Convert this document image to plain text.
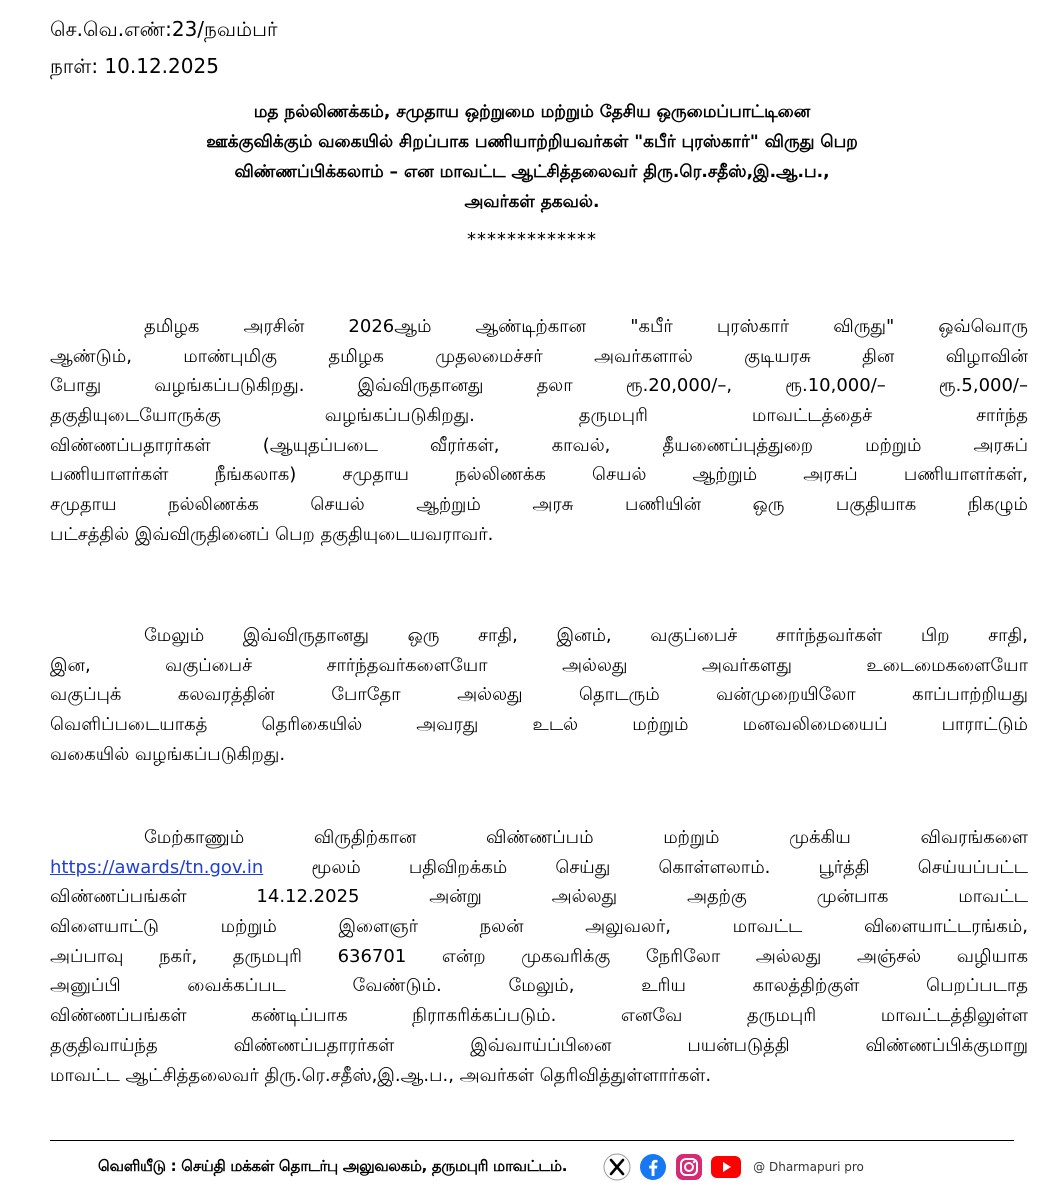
செ.வெ.எண்:23/நவம்பர்
நாள்: 10.12.2025
மத நல்லிணக்கம், சமுதாய ஒற்றுமை மற்றும் தேசிய ஒருமைப்பாட்டினை
ஊக்குவிக்கும் வகையில் சிறப்பாக பணியாற்றியவர்கள் "கபீர் புரஸ்கார்" விருது பெற
விண்ணப்பிக்கலாம் – என மாவட்ட ஆட்சித்தலைவர் திரு.ரெ.சதீஸ்,இ.ஆ.ப.,
அவர்கள் தகவல்.
*************
தமிழக அரசின் 2026ஆம் ஆண்டிற்கான "கபீர் புரஸ்கார் விருது" ஒவ்வொரு
ஆண்டும், மாண்புமிகு தமிழக முதலமைச்சர் அவர்களால் குடியரசு தின விழாவின்
போது வழங்கப்படுகிறது. இவ்விருதானது தலா ரூ.20,000/–, ரூ.10,000/– ரூ.5,000/–
தகுதியுடையோருக்கு வழங்கப்படுகிறது. தருமபுரி மாவட்டத்தைச் சார்ந்த
விண்ணப்பதாரர்கள் (ஆயுதப்படை வீரர்கள், காவல், தீயணைப்புத்துறை மற்றும் அரசுப்
பணியாளர்கள் நீங்கலாக) சமுதாய நல்லிணக்க செயல் ஆற்றும் அரசுப் பணியாளர்கள்,
சமுதாய நல்லிணக்க செயல் ஆற்றும் அரசு பணியின் ஒரு பகுதியாக நிகழும்
பட்சத்தில் இவ்விருதினைப் பெற தகுதியுடையவராவர்.
மேலும் இவ்விருதானது ஒரு சாதி, இனம், வகுப்பைச் சார்ந்தவர்கள் பிற சாதி,
இன, வகுப்பைச் சார்ந்தவர்களையோ அல்லது அவர்களது உடைமைகளையோ
வகுப்புக் கலவரத்தின் போதோ அல்லது தொடரும் வன்முறையிலோ காப்பாற்றியது
வெளிப்படையாகத் தெரிகையில் அவரது உடல் மற்றும் மனவலிமையைப் பாராட்டும்
வகையில் வழங்கப்படுகிறது.
மேற்காணும் விருதிற்கான விண்ணப்பம் மற்றும் முக்கிய விவரங்களை
https://awards/tn.gov.in	மூலம் பதிவிறக்கம் செய்து கொள்ளலாம். பூர்த்தி செய்யப்பட்ட
விண்ணப்பங்கள் 14.12.2025 அன்று அல்லது அதற்கு முன்பாக மாவட்ட
விளையாட்டு மற்றும் இளைஞர் நலன் அலுவலர், மாவட்ட விளையாட்டரங்கம்,
அப்பாவு நகர், தருமபுரி 636701 என்ற முகவரிக்கு நேரிலோ அல்லது அஞ்சல் வழியாக
அனுப்பி வைக்கப்பட வேண்டும். மேலும், உரிய காலத்திற்குள் பெறப்படாத
விண்ணப்பங்கள் கண்டிப்பாக நிராகரிக்கப்படும். எனவே தருமபுரி மாவட்டத்திலுள்ள
தகுதிவாய்ந்த விண்ணப்பதாரர்கள் இவ்வாய்ப்பினை பயன்படுத்தி விண்ணப்பிக்குமாறு
மாவட்ட ஆட்சித்தலைவர் திரு.ரெ.சதீஸ்,இ.ஆ.ப., அவர்கள் தெரிவித்துள்ளார்கள்.
வெளியீடு : செய்தி மக்கள் தொடர்பு அலுவலகம், தருமபுரி மாவட்டம்.	@ Dharmapuri pro
